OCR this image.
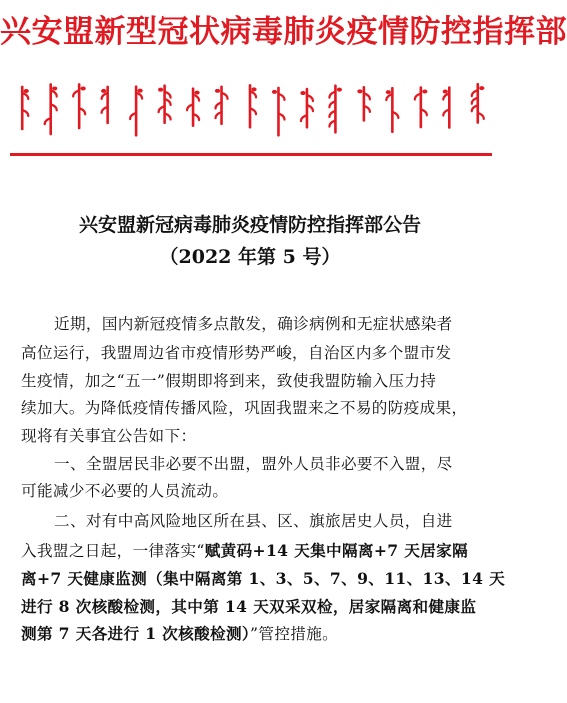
兴安盟新型冠状病毒肺炎疫情防控指挥部
兴安盟新冠病毒肺炎疫情防控指挥部公告
（2022 年第 5 号）
近期，国内新冠疫情多点散发，确诊病例和无症状感染者
高位运行，我盟周边省市疫情形势严峻，自治区内多个盟市发
生疫情，加之“五一”假期即将到来，致使我盟防输入压力持
续加大。为降低疫情传播风险，巩固我盟来之不易的防疫成果，
现将有关事宜公告如下：
一、全盟居民非必要不出盟，盟外人员非必要不入盟，尽
可能减少不必要的人员流动。
二、对有中高风险地区所在县、区、旗旅居史人员，自进
入我盟之日起，一律落实“赋黄码+14 天集中隔离+7 天居家隔
离+7 天健康监测（集中隔离第 1、3、5、7、9、11、13、14 天
进行 8 次核酸检测，其中第 14 天双采双检，居家隔离和健康监
测第 7 天各进行 1 次核酸检测）”管控措施。
